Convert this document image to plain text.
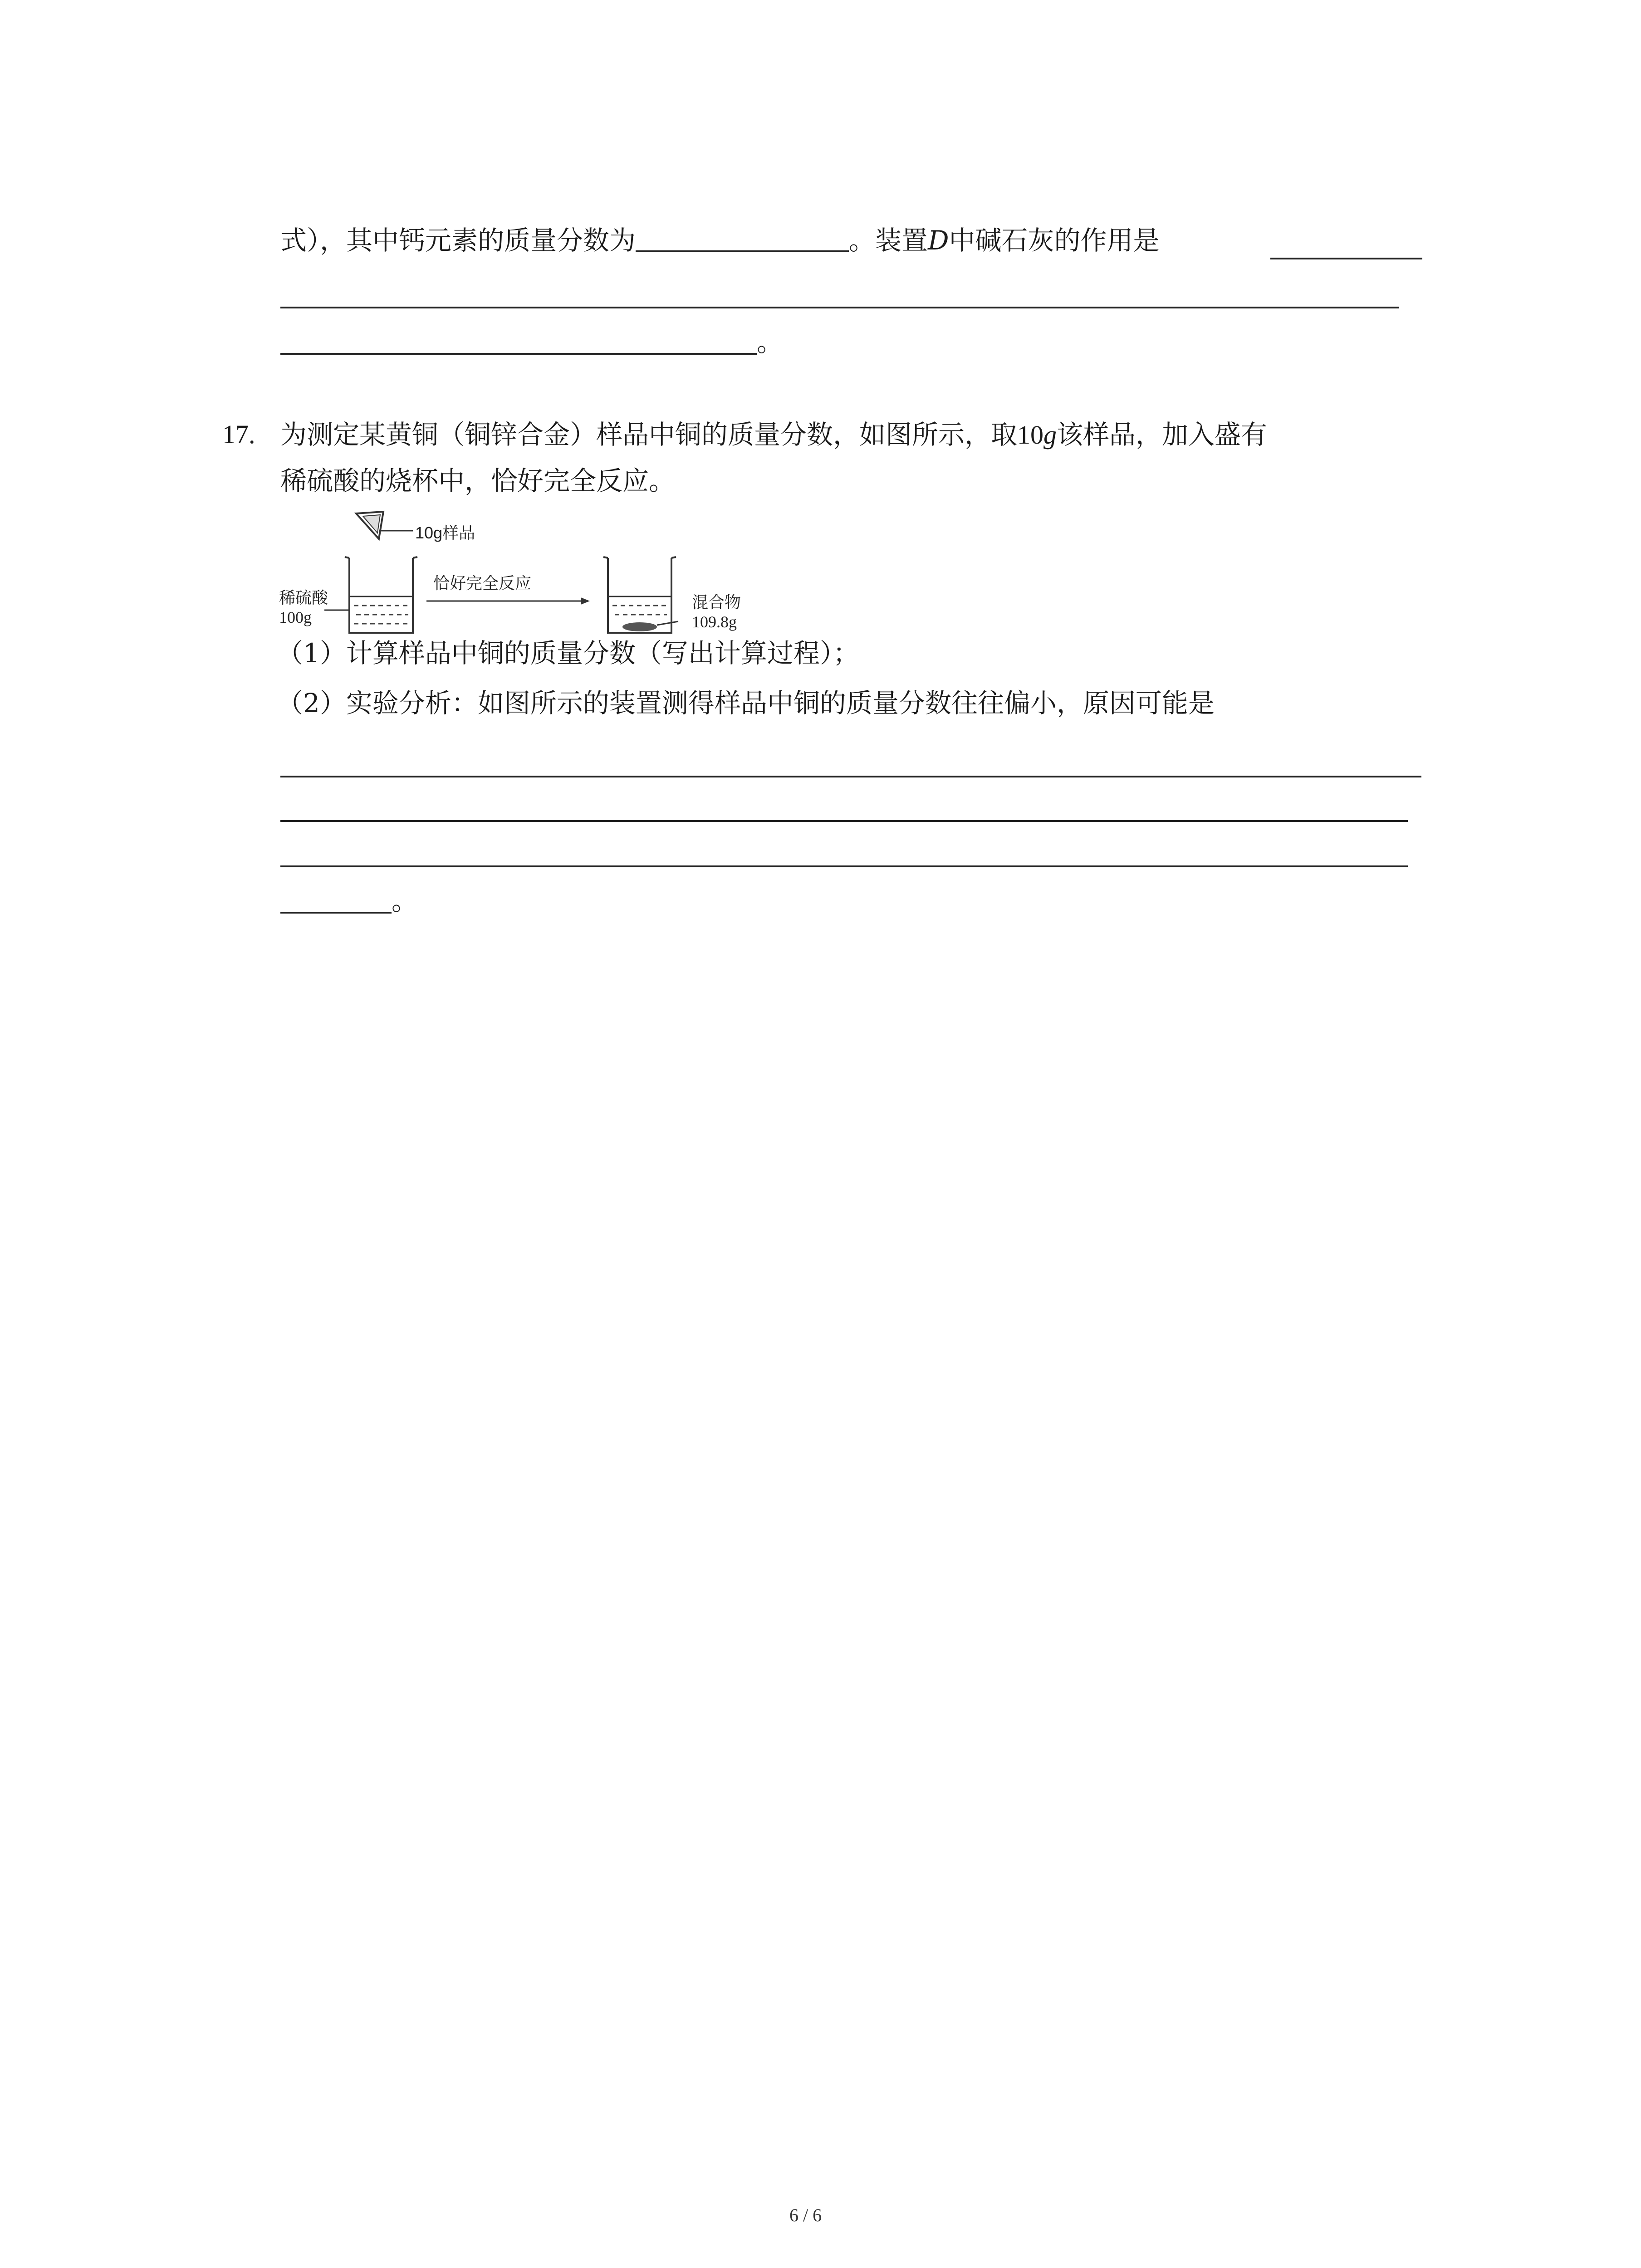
式），其中钙元素的质量分数为	。装置D中碱石灰的作用是
。
17. 为测定某黄铜（铜锌合金）样品中铜的质量分数，如图所示，取10g该样品，加入盛有
稀硫酸的烧杯中，恰好完全反应。
10g样品
稀硫酸
100g
恰好完全反应
混合物
109.8g
（1）计算样品中铜的质量分数（写出计算过程）；
（2）实验分析：如图所示的装置测得样品中铜的质量分数往往偏小，原因可能是
。
6 / 6
